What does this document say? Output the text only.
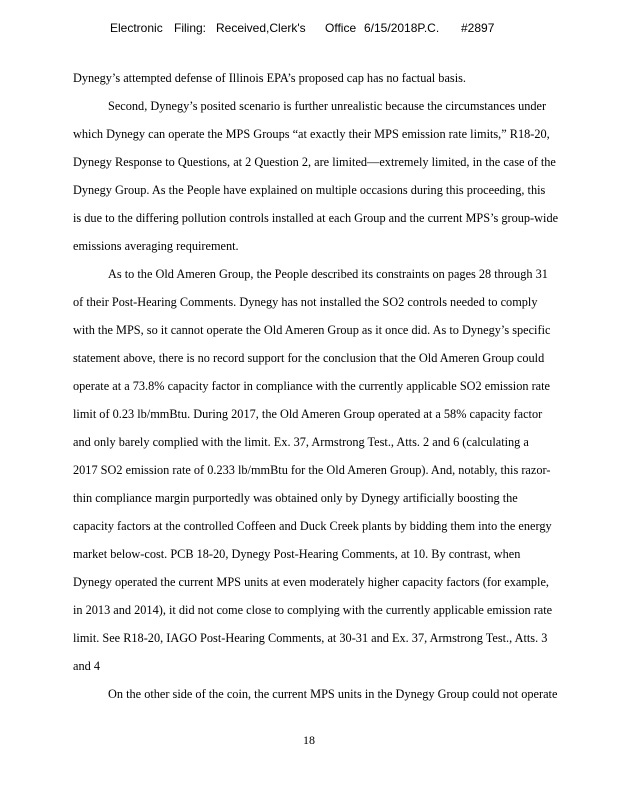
Electronic Filing: Received,Clerk's Office 6/15/2018P.C. #2897
Dynegy’s attempted defense of Illinois EPA’s proposed cap has no factual basis.
Second, Dynegy’s posited scenario is further unrealistic because the circumstances under
which Dynegy can operate the MPS Groups “at exactly their MPS emission rate limits,” R18-20,
Dynegy Response to Questions, at 2 Question 2, are limited—extremely limited, in the case of the
Dynegy Group. As the People have explained on multiple occasions during this proceeding, this
is due to the differing pollution controls installed at each Group and the current MPS’s group-wide
emissions averaging requirement.
As to the Old Ameren Group, the People described its constraints on pages 28 through 31
of their Post-Hearing Comments. Dynegy has not installed the SO2 controls needed to comply
with the MPS, so it cannot operate the Old Ameren Group as it once did. As to Dynegy’s specific
statement above, there is no record support for the conclusion that the Old Ameren Group could
operate at a 73.8% capacity factor in compliance with the currently applicable SO2 emission rate
limit of 0.23 lb/mmBtu. During 2017, the Old Ameren Group operated at a 58% capacity factor
and only barely complied with the limit. Ex. 37, Armstrong Test., Atts. 2 and 6 (calculating a
2017 SO2 emission rate of 0.233 lb/mmBtu for the Old Ameren Group). And, notably, this razor-
thin compliance margin purportedly was obtained only by Dynegy artificially boosting the
capacity factors at the controlled Coffeen and Duck Creek plants by bidding them into the energy
market below-cost. PCB 18-20, Dynegy Post-Hearing Comments, at 10. By contrast, when
Dynegy operated the current MPS units at even moderately higher capacity factors (for example,
in 2013 and 2014), it did not come close to complying with the currently applicable emission rate
limit. See R18-20, IAGO Post-Hearing Comments, at 30-31 and Ex. 37, Armstrong Test., Atts. 3
and 4
On the other side of the coin, the current MPS units in the Dynegy Group could not operate
18
